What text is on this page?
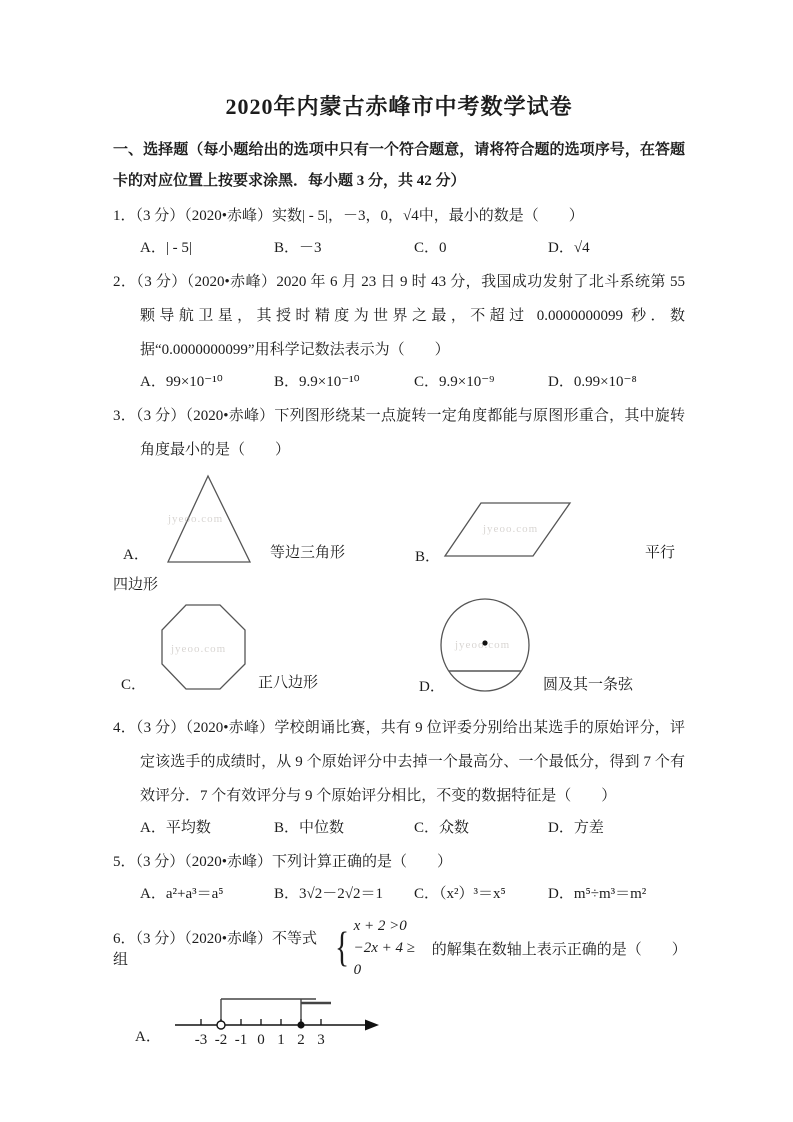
2020年内蒙古赤峰市中考数学试卷

一、选择题（每小题给出的选项中只有一个符合题意，请将符合题的选项序号，在答题卡的对应位置上按要求涂黑．每小题 3 分，共 42 分）

1．（3 分）（2020•赤峰）实数| - 5|，－3，0，√4中，最小的数是（　　）

A．| - 5|	B．－3	C．0	D．√4

2．（3 分）（2020•赤峰）2020 年 6 月 23 日 9 时 43 分，我国成功发射了北斗系统第 55 颗导航卫星，其授时精度为世界之最，不超过 0.0000000099 秒．数据“0.0000000099”用科学记数法表示为（　　）

A．99×10⁻¹⁰	B．9.9×10⁻¹⁰	C．9.9×10⁻⁹	D．0.99×10⁻⁸

3．（3 分）（2020•赤峰）下列图形绕某一点旋转一定角度都能与原图形重合，其中旋转角度最小的是（　　）

A．
jyeoo.com
等边三角形	B．
jyeoo.com
平行
四边形
C．
jyeoo.com
正八边形	D．
jyeoo.com
圆及其一条弦

4．（3 分）（2020•赤峰）学校朗诵比赛，共有 9 位评委分别给出某选手的原始评分，评定该选手的成绩时，从 9 个原始评分中去掉一个最高分、一个最低分，得到 7 个有效评分．7 个有效评分与 9 个原始评分相比，不变的数据特征是（　　）

A．平均数	B．中位数	C．众数	D．方差

5．（3 分）（2020•赤峰）下列计算正确的是（　　）

A．a²+a³＝a⁵	B．3√2－2√2＝1	C．（x²）³＝x⁵	D．m⁵÷m³＝m²
6．（3 分）（2020•赤峰）不等式组	{ x + 2 >0
−2x + 4 ≥ 0
的解集在数轴上表示正确的是（　　）
A． -3 -2 -1 0 1 2 3
